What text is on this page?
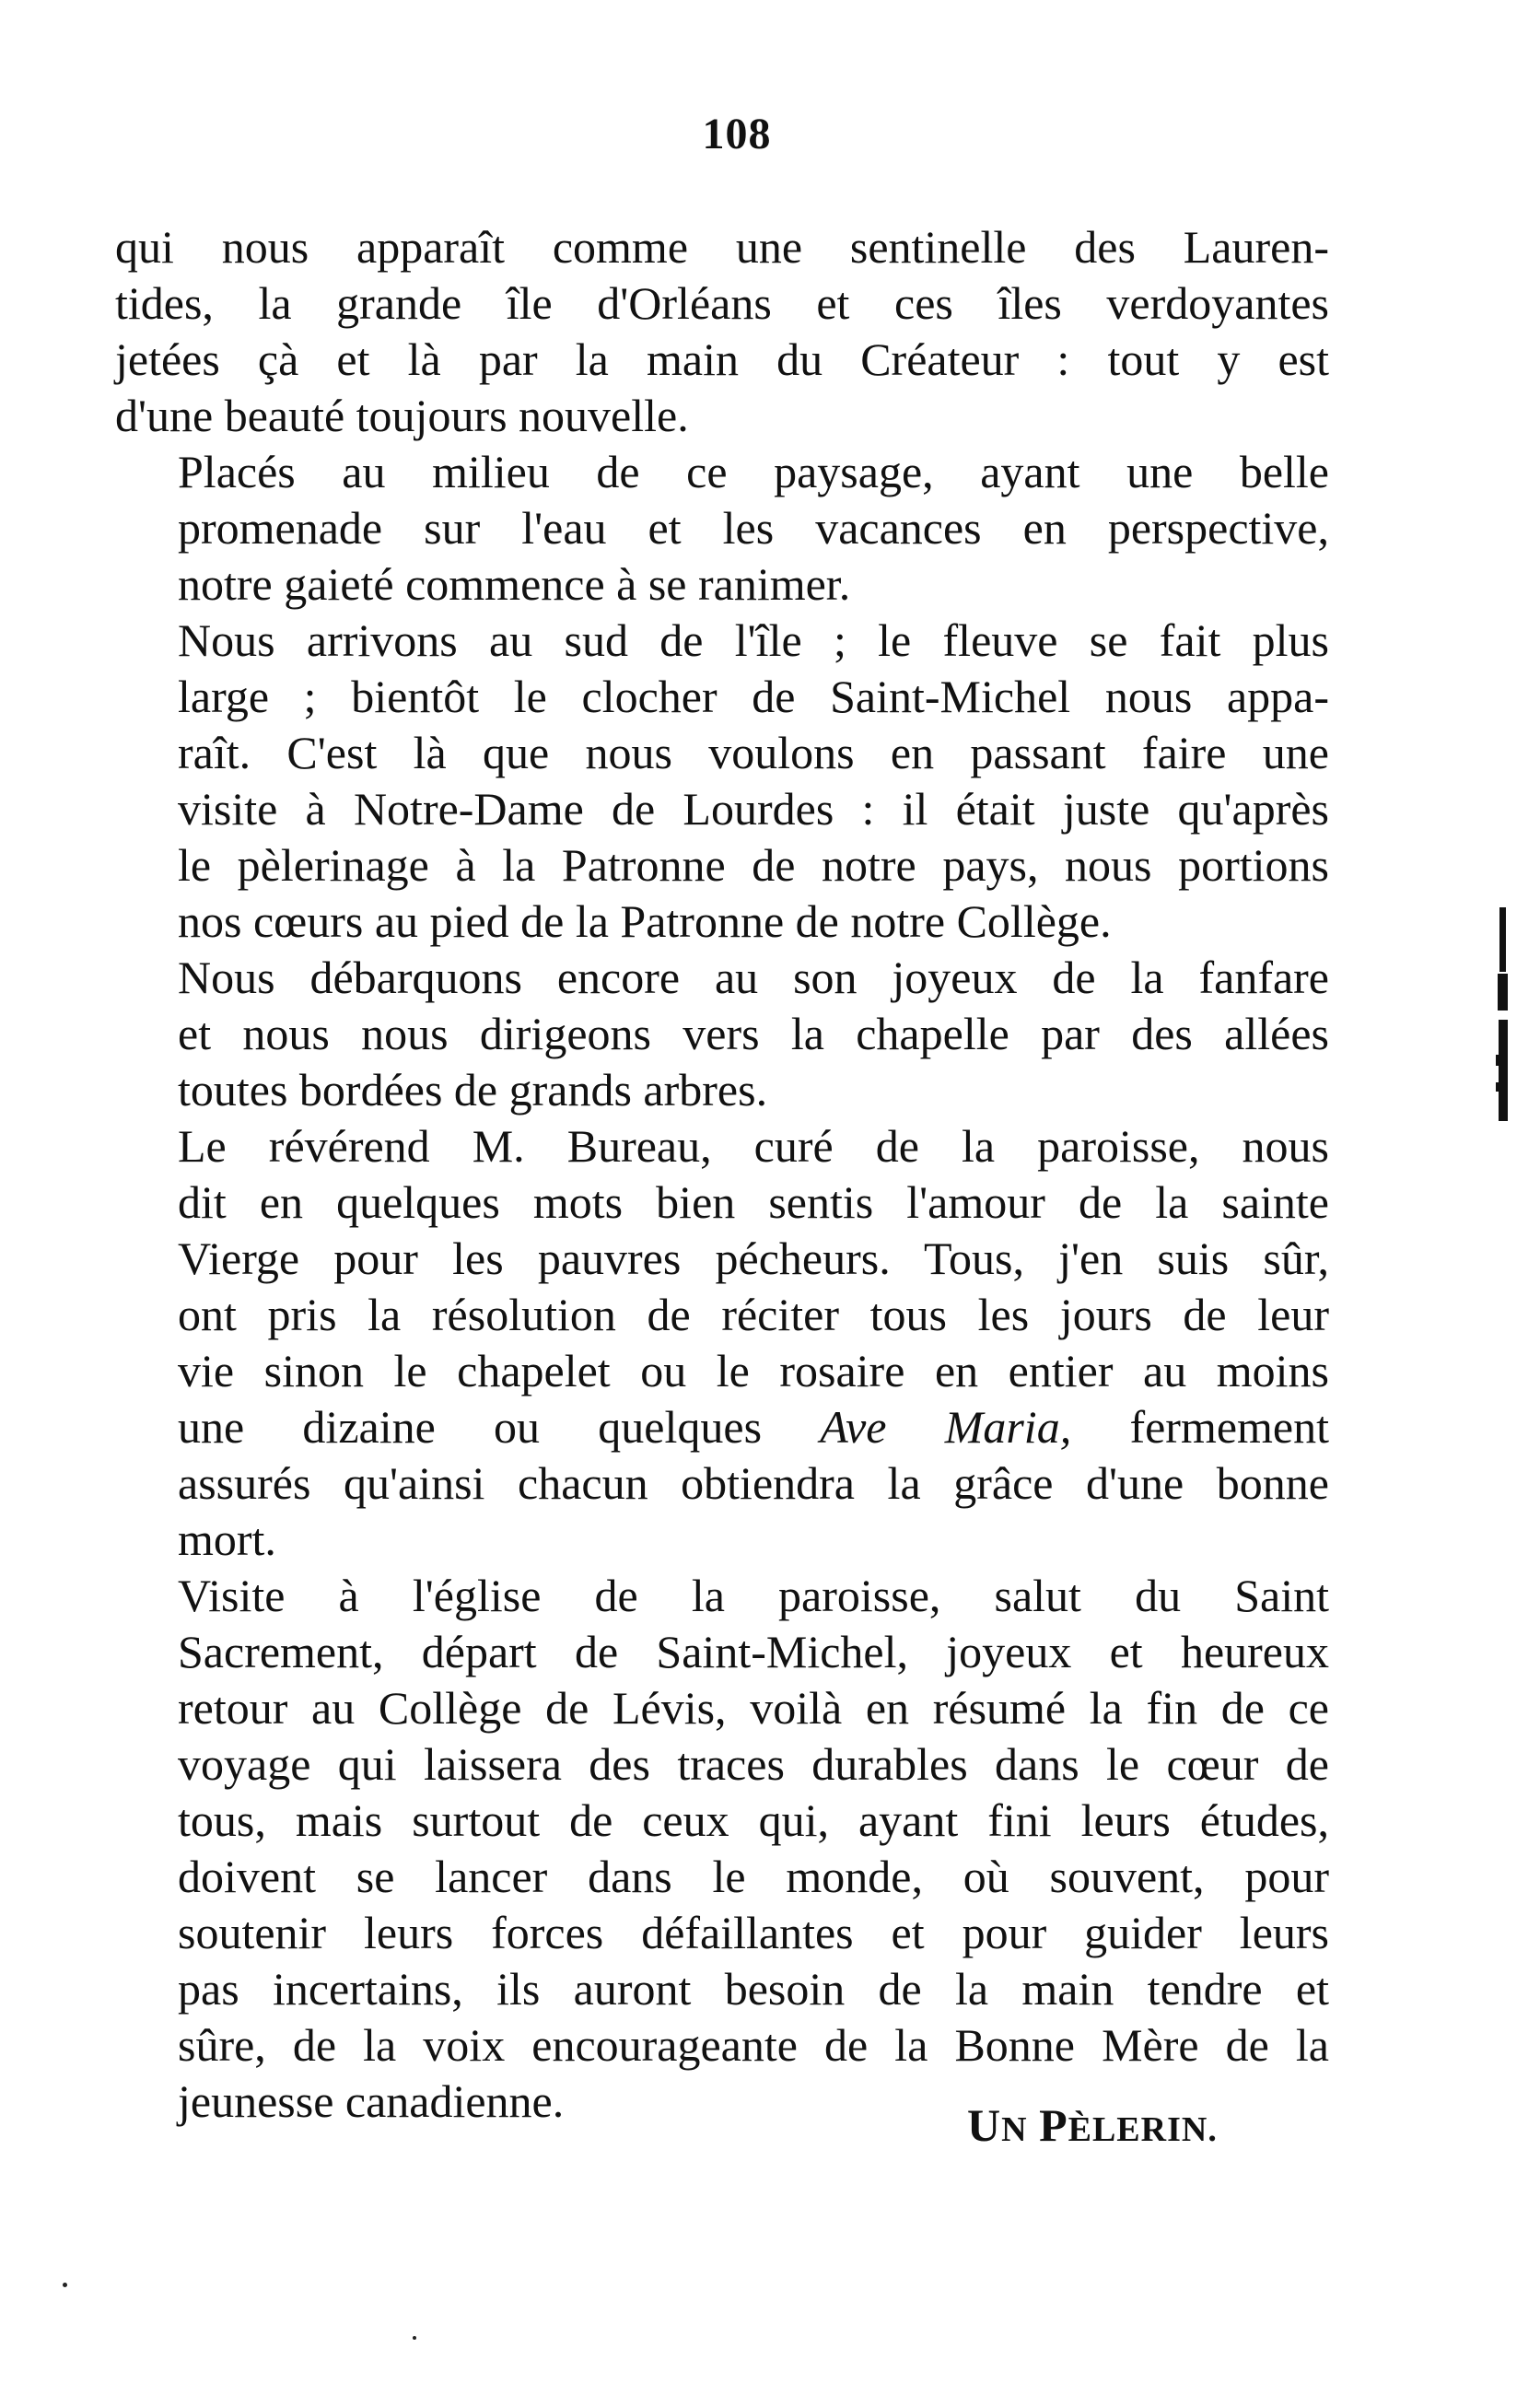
108
qui nous apparaît comme une sentinelle des Lauren-
tides, la grande île d'Orléans et ces îles verdoyantes
jetées çà et là par la main du Créateur : tout y est
d'une beauté toujours nouvelle.
Placés au milieu de ce paysage, ayant une belle
promenade sur l'eau et les vacances en perspective,
notre gaieté commence à se ranimer.
Nous arrivons au sud de l'île ; le fleuve se fait plus
large ; bientôt le clocher de Saint-Michel nous appa-
raît. C'est là que nous voulons en passant faire une
visite à Notre-Dame de Lourdes : il était juste qu'après
le pèlerinage à la Patronne de notre pays, nous portions
nos cœurs au pied de la Patronne de notre Collège.
Nous débarquons encore au son joyeux de la fanfare
et nous nous dirigeons vers la chapelle par des allées
toutes bordées de grands arbres.
Le révérend M. Bureau, curé de la paroisse, nous
dit en quelques mots bien sentis l'amour de la sainte
Vierge pour les pauvres pécheurs. Tous, j'en suis sûr,
ont pris la résolution de réciter tous les jours de leur
vie sinon le chapelet ou le rosaire en entier au moins
une dizaine ou quelques Ave Maria, fermement
assurés qu'ainsi chacun obtiendra la grâce d'une bonne
mort.
Visite à l'église de la paroisse, salut du Saint
Sacrement, départ de Saint-Michel, joyeux et heureux
retour au Collège de Lévis, voilà en résumé la fin de ce
voyage qui laissera des traces durables dans le cœur de
tous, mais surtout de ceux qui, ayant fini leurs études,
doivent se lancer dans le monde, où souvent, pour
soutenir leurs forces défaillantes et pour guider leurs
pas incertains, ils auront besoin de la main tendre et
sûre, de la voix encourageante de la Bonne Mère de la
jeunesse canadienne.	UN PÈLERIN.
